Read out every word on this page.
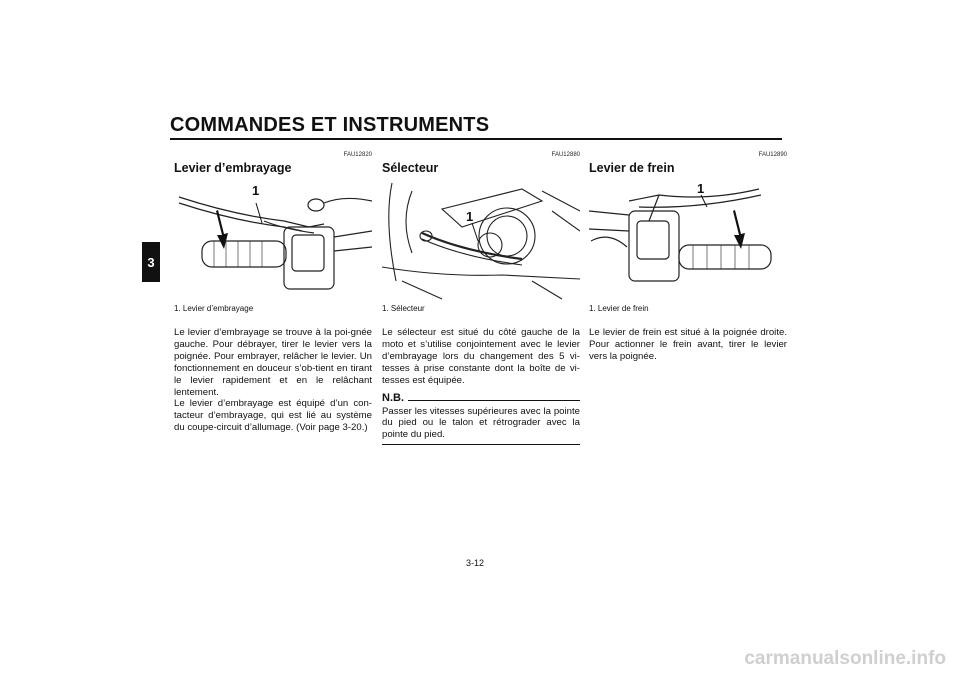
COMMANDES ET INSTRUMENTS
3
FAU12820
Levier d’embrayage
1
1. Levier d’embrayage
Le levier d’embrayage se trouve à la poi-gnée gauche. Pour débrayer, tirer le levier vers la poignée. Pour embrayer, relâcher le levier. Un fonctionnement en douceur s’ob-tient en tirant le levier rapidement et en le relâchant lentement.
Le levier d’embrayage est équipé d’un con-tacteur d’embrayage, qui est lié au système du coupe-circuit d’allumage. (Voir page 3-20.)
FAU12880
Sélecteur
1
1. Sélecteur
Le sélecteur est situé du côté gauche de la moto et s’utilise conjointement avec le levier d’embrayage lors du changement des 5 vi-tesses à prise constante dont la boîte de vi-tesses est équipée.
N.B.
Passer les vitesses supérieures avec la pointe du pied ou le talon et rétrograder avec la pointe du pied.
FAU12890
Levier de frein
1
1. Levier de frein
Le levier de frein est situé à la poignée droite. Pour actionner le frein avant, tirer le levier vers la poignée.
3-12
carmanualsonline.info
